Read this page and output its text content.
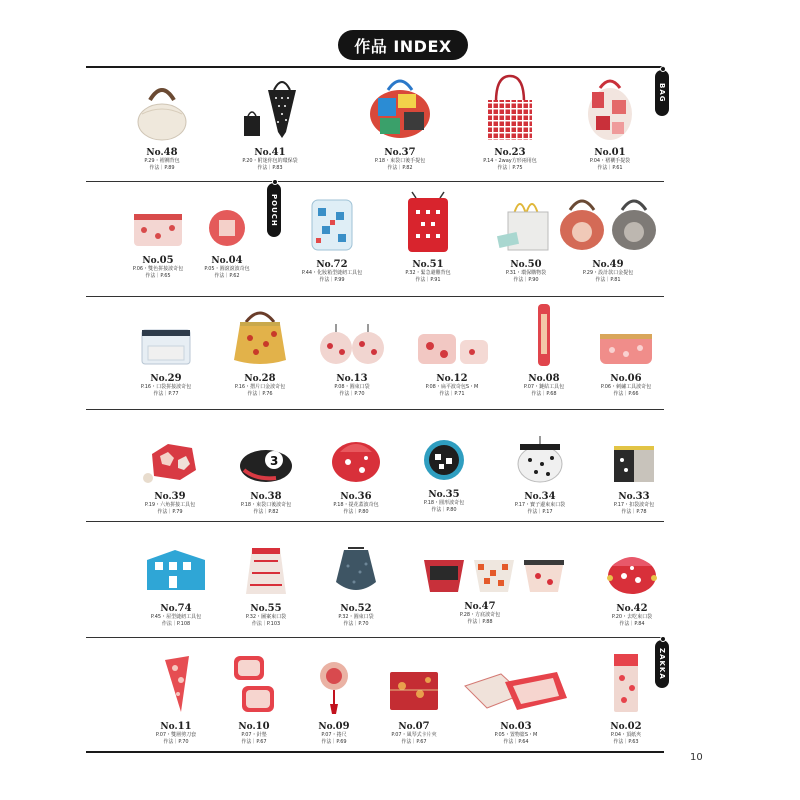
作品 INDEX
BAG
POUCH
ZAKKA
No.48
P.29・褶襉背包
作法｜P.89
No.41
P.20・附迷你包的環保袋
作法｜P.83
No.37
P.18・束袋口後手提包
作法｜P.82
No.23
P.14・2way方形兩用包
作法｜P.75
No.01
P.04・褶襉手提袋
作法｜P.61
No.05
P.06・雙色拼接波奇包
作法｜P.65
No.04
P.05・圓滾滾波奇包
作法｜P.62
No.72
P.44・化妝箱型縫紉工具包
作法｜P.99
No.51
P.32・緊急避難背包
作法｜P.91
No.50
P.31・環保購物袋
作法｜P.90
No.49
P.29・設計款口金提包
作法｜P.81
No.29
P.16・口袋拼接波奇包
作法｜P.77
No.28
P.16・摺片口金波奇包
作法｜P.76
No.13
P.08・圓束口袋
作法｜P.70
No.12
P.08・扁平波奇包S・M
作法｜P.71
No.08
P.07・鏈結工具包
作法｜P.68
No.06
P.06・刺繡工具波奇包
作法｜P.66
No.39
P.19・六角拼接工具包
作法｜P.79
3
No.38
P.18・束袋口後波奇包
作法｜P.82
No.36
P.18・提花蓋波奇包
作法｜P.80
No.35
P.18・圓形波奇包
作法｜P.80
No.34
P.17・寶子邊束束口袋
作法｜P.17
No.33
P.17・扣袋波奇包
作法｜P.78
No.74
P.45・屋型縫紉工具包
作法｜P.108
No.55
P.32・圖案束口袋
作法｜P.103
No.52
P.32・圓束口袋
作法｜P.70
No.47
P.28・方底波奇包
作法｜P.88
No.42
P.20・去吃束口袋
作法｜P.84
No.11
P.07・雙層剪刀套
作法｜P.70
No.10
P.07・針墊
作法｜P.67
No.09
P.07・捲尺
作法｜P.69
No.07
P.07・風琴式卡片夾
作法｜P.67
No.03
P.05・置物籃S・M
作法｜P.64
No.02
P.04・頂紙夾
作法｜P.63
10
